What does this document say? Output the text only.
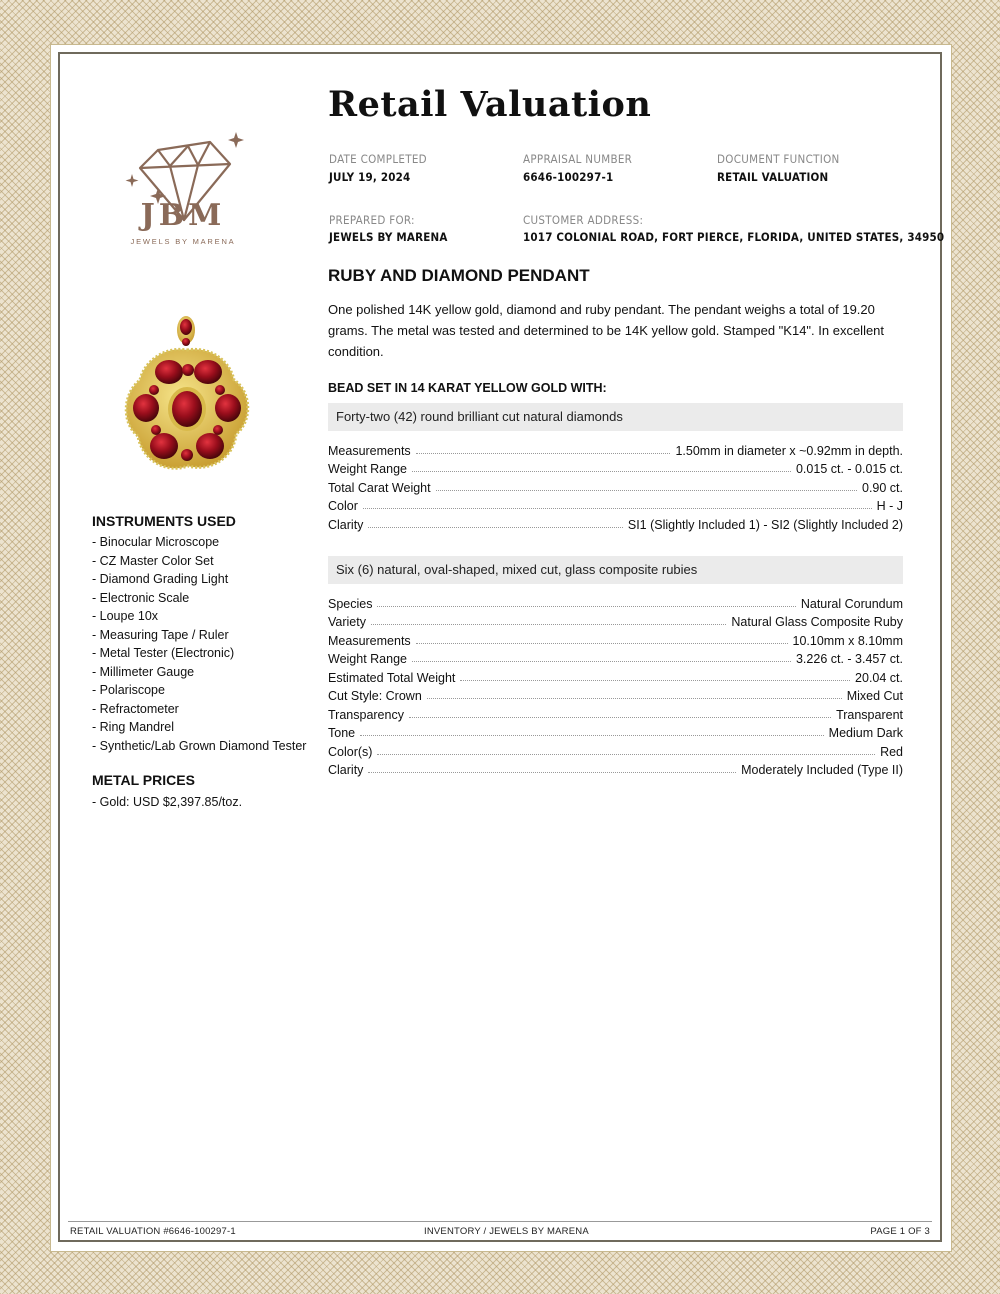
JBM
JEWELS BY MARENA
Retail Valuation
DATE COMPLETED
JULY 19, 2024
APPRAISAL NUMBER
6646-100297-1
DOCUMENT FUNCTION
RETAIL VALUATION
PREPARED FOR:
JEWELS BY MARENA
CUSTOMER ADDRESS:
1017 COLONIAL ROAD, FORT PIERCE, FLORIDA, UNITED STATES, 34950
INSTRUMENTS USED
- Binocular Microscope
- CZ Master Color Set
- Diamond Grading Light
- Electronic Scale
- Loupe 10x
- Measuring Tape / Ruler
- Metal Tester (Electronic)
- Millimeter Gauge
- Polariscope
- Refractometer
- Ring Mandrel
- Synthetic/Lab Grown Diamond Tester
METAL PRICES
- Gold: USD $2,397.85/toz.
RUBY AND DIAMOND PENDANT
One polished 14K yellow gold, diamond and ruby pendant. The pendant weighs a total of 19.20 grams. The metal was tested and determined to be 14K yellow gold. Stamped "K14". In excellent condition.
BEAD SET IN 14 KARAT YELLOW GOLD WITH:
Forty-two (42) round brilliant cut natural diamonds
Measurements	1.50mm in diameter x ~0.92mm in depth.
Weight Range	0.015 ct. - 0.015 ct.
Total Carat Weight	0.90 ct.
Color	H - J
Clarity	SI1 (Slightly Included 1) - SI2 (Slightly Included 2)
Six (6) natural, oval-shaped, mixed cut, glass composite rubies
Species	Natural Corundum
Variety	Natural Glass Composite Ruby
Measurements	10.10mm x 8.10mm
Weight Range	3.226 ct. - 3.457 ct.
Estimated Total Weight	20.04 ct.
Cut Style: Crown	Mixed Cut
Transparency	Transparent
Tone	Medium Dark
Color(s)	Red
Clarity	Moderately Included (Type II)
RETAIL VALUATION #6646-100297-1	INVENTORY / JEWELS BY MARENA	PAGE 1 OF 3
